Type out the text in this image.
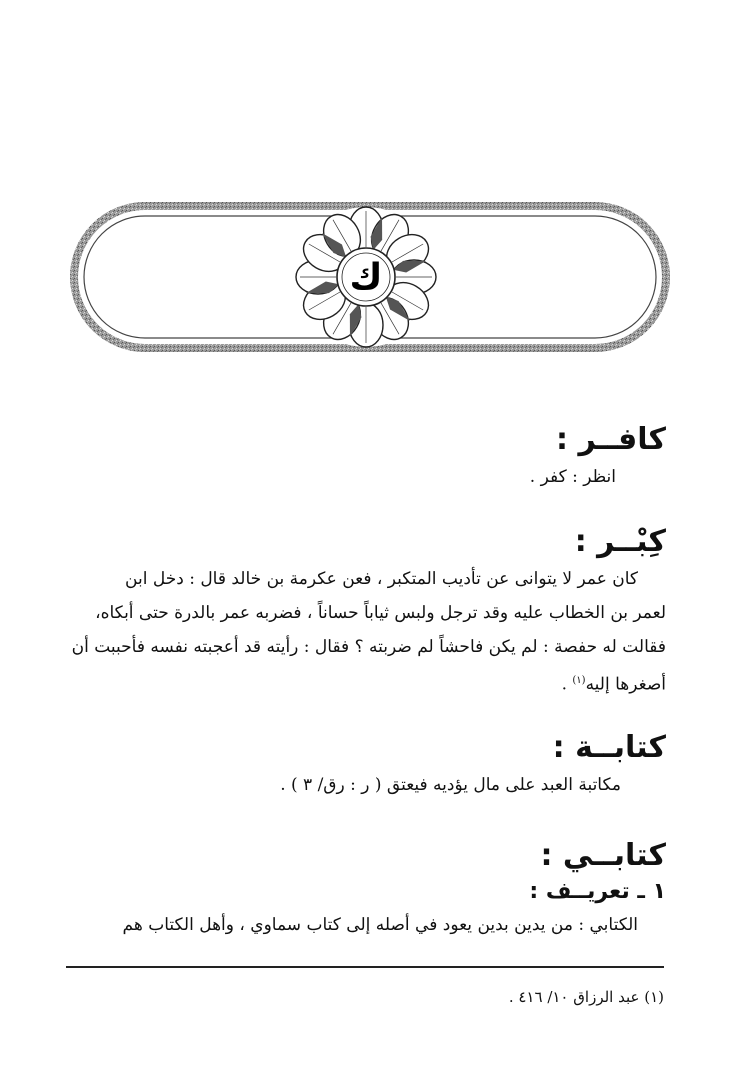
ك
كافــر :
انظر : كفر .
كِبْــر :
كان عمر لا يتوانى عن تأديب المتكبر ، فعن عكرمة بن خالد قال : دخل ابن
لعمر بن الخطاب عليه وقد ترجل ولبس ثياباً حساناً ، فضربه عمر بالدرة حتى أبكاه،
فقالت له حفصة : لم يكن فاحشاً لم ضربته ؟ فقال : رأيته قد أعجبته نفسه فأحببت أن
أصغرها إليه$^{(١)}$ .
كتابــة :
مكاتبة العبد على مال يؤديه فيعتق ( ر : رق/ ٣ ) .
كتابــي :
١ ـ تعريــف :
الكتابي : من يدين بدين يعود في أصله إلى كتاب سماوي ، وأهل الكتاب هم
(١) عبد الرزاق ١٠/ ٤١٦ .
